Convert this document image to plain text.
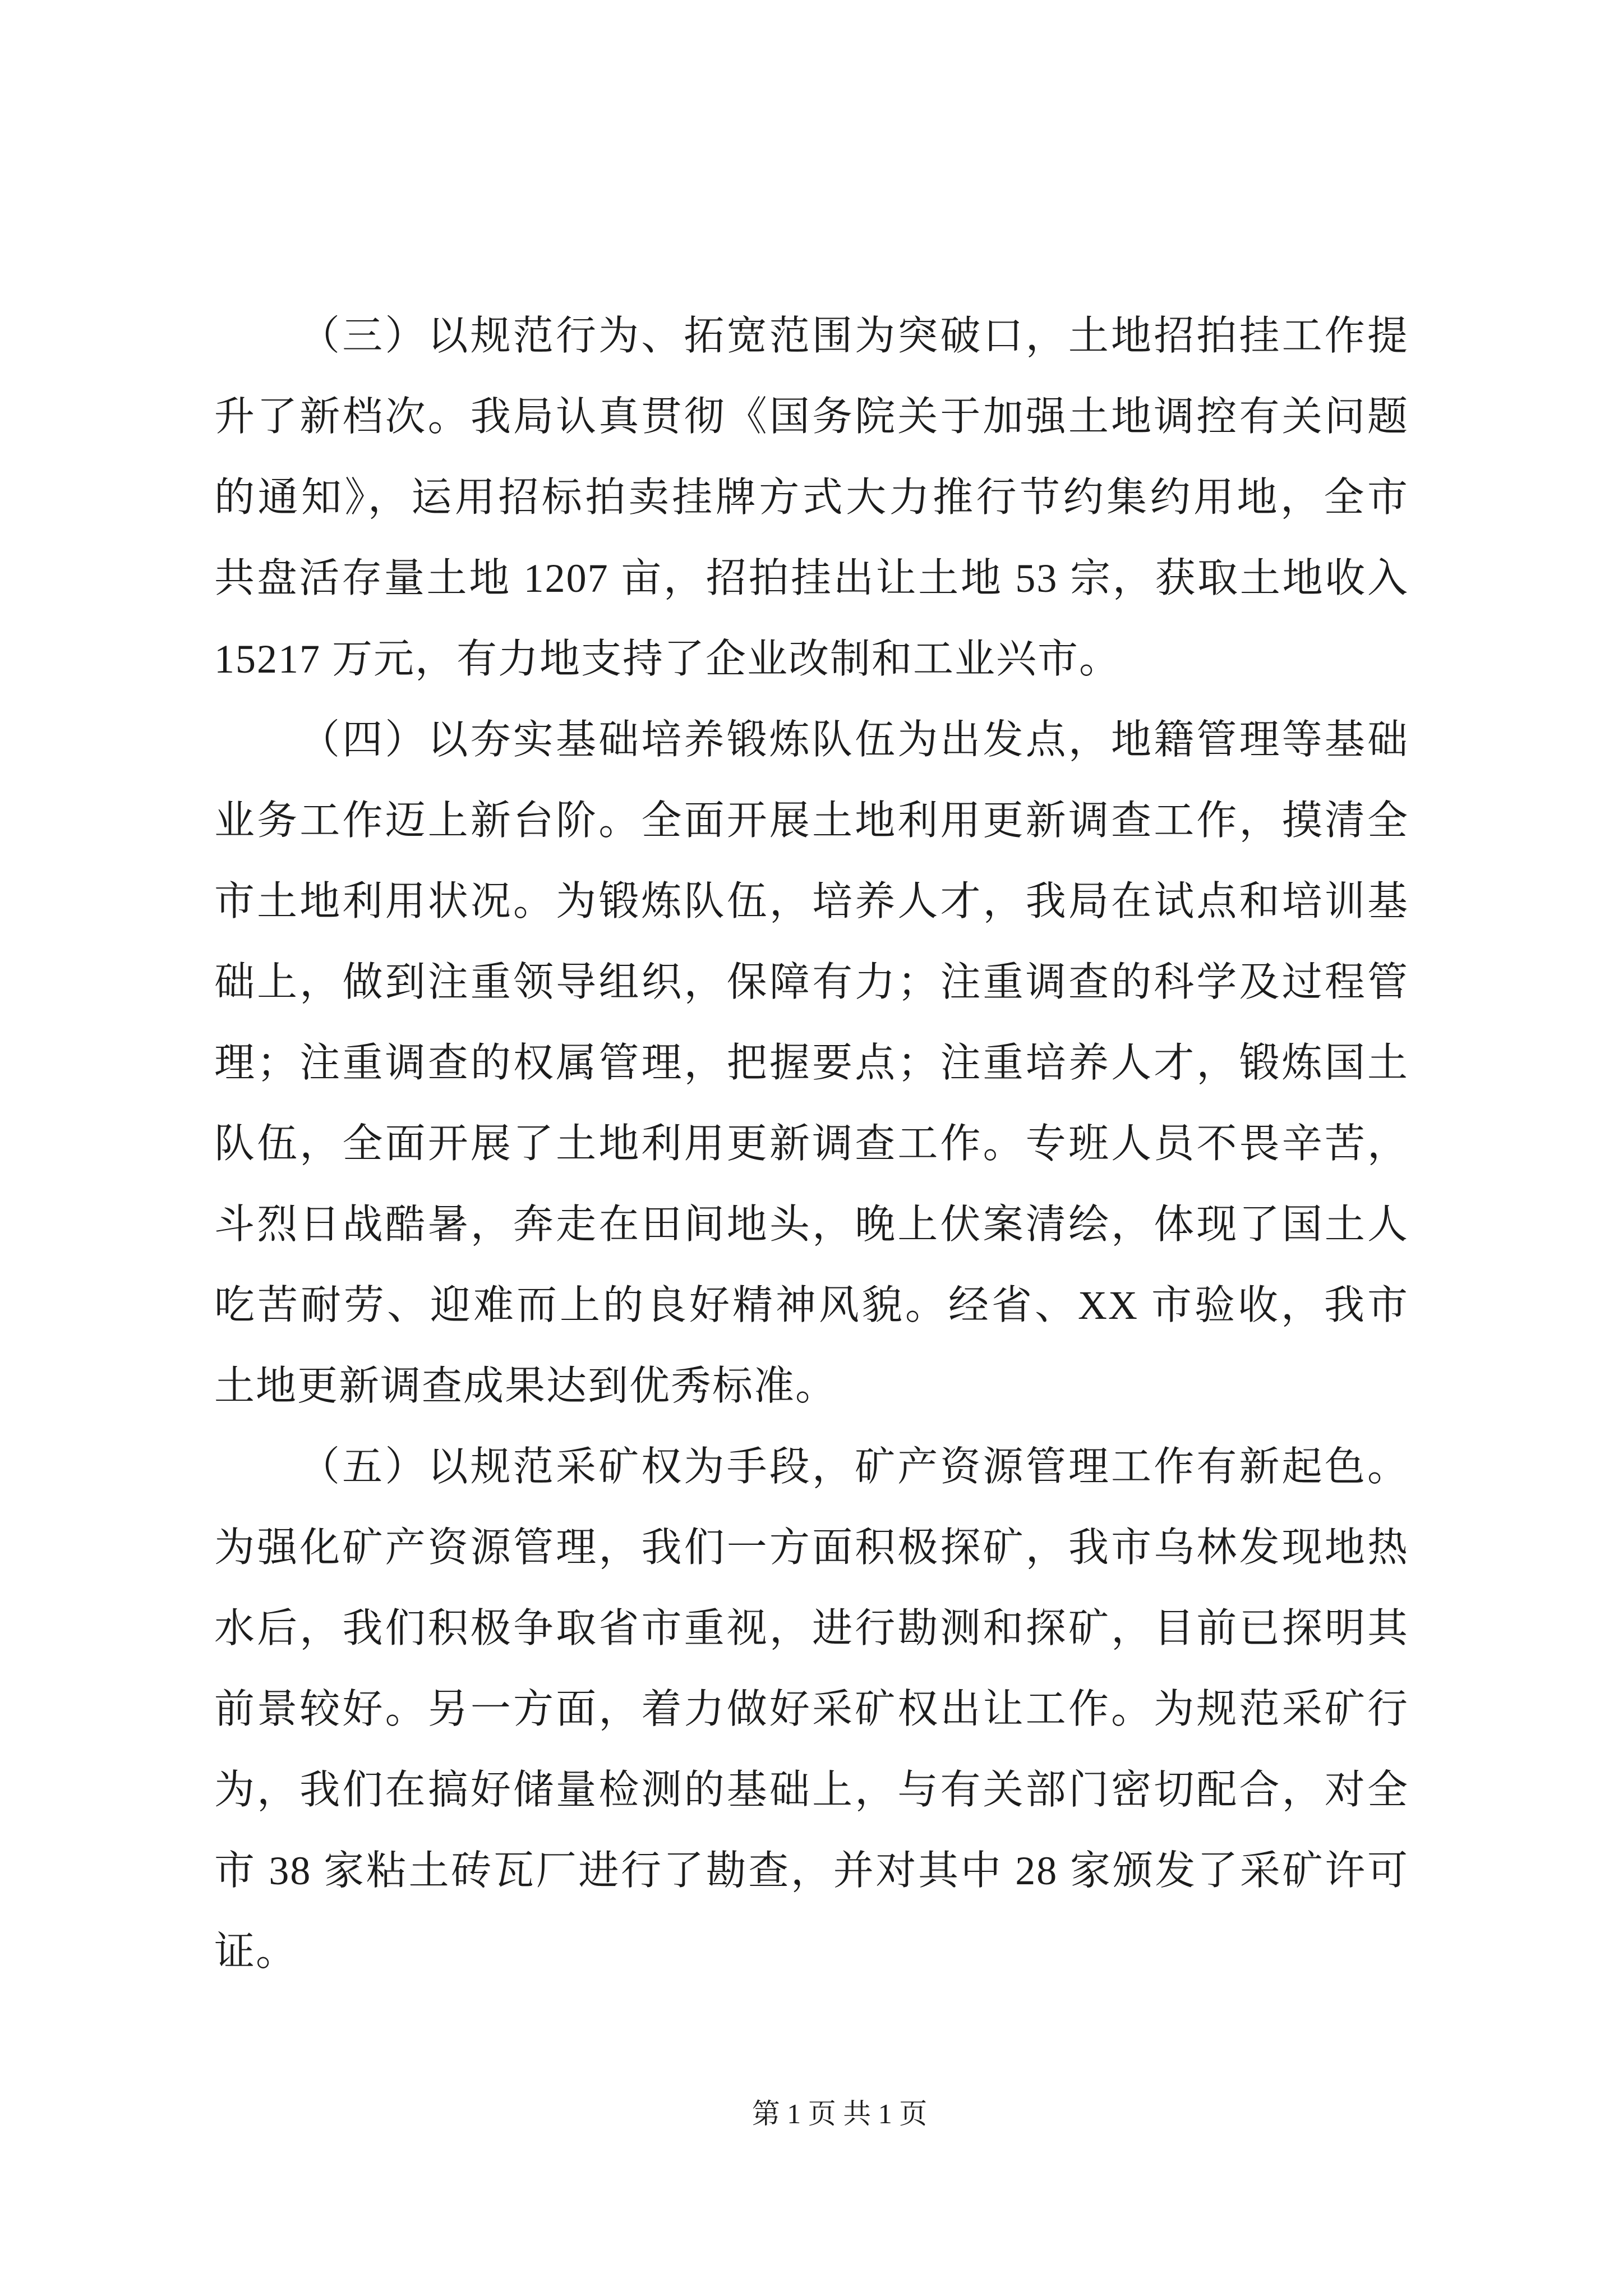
（三）以规范行为、拓宽范围为突破口，土地招拍挂工作提
升了新档次。我局认真贯彻《国务院关于加强土地调控有关问题
的通知》，运用招标拍卖挂牌方式大力推行节约集约用地，全市
共盘活存量土地 1207 亩，招拍挂出让土地 53 宗，获取土地收入
15217 万元，有力地支持了企业改制和工业兴市。
（四）以夯实基础培养锻炼队伍为出发点，地籍管理等基础
业务工作迈上新台阶。全面开展土地利用更新调查工作，摸清全
市土地利用状况。为锻炼队伍，培养人才，我局在试点和培训基
础上，做到注重领导组织，保障有力；注重调查的科学及过程管
理；注重调查的权属管理，把握要点；注重培养人才，锻炼国土
队伍，全面开展了土地利用更新调查工作。专班人员不畏辛苦，
斗烈日战酷暑，奔走在田间地头，晚上伏案清绘，体现了国土人
吃苦耐劳、迎难而上的良好精神风貌。经省、XX 市验收，我市
土地更新调查成果达到优秀标准。
（五）以规范采矿权为手段，矿产资源管理工作有新起色。
为强化矿产资源管理，我们一方面积极探矿，我市乌林发现地热
水后，我们积极争取省市重视，进行勘测和探矿，目前已探明其
前景较好。另一方面，着力做好采矿权出让工作。为规范采矿行
为，我们在搞好储量检测的基础上，与有关部门密切配合，对全
市 38 家粘土砖瓦厂进行了勘查，并对其中 28 家颁发了采矿许可
证。
第 1 页 共 1 页
